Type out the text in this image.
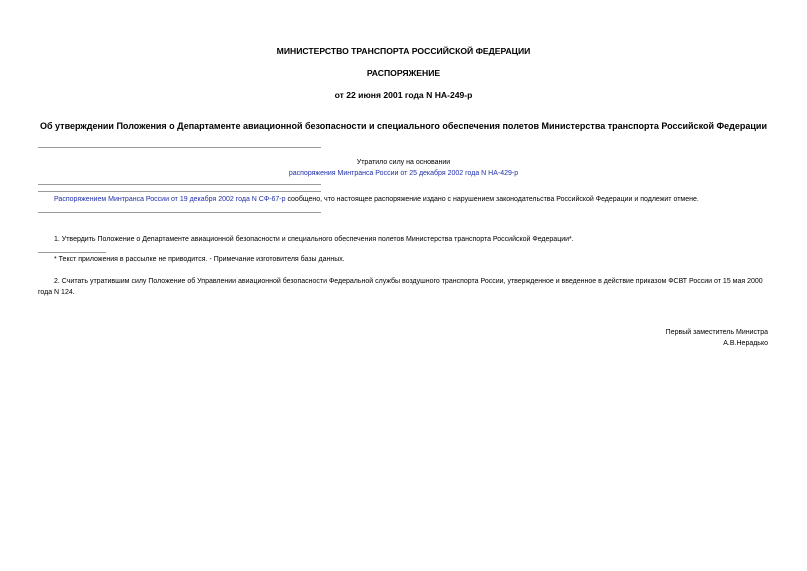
МИНИСТЕРСТВО ТРАНСПОРТА РОССИЙСКОЙ ФЕДЕРАЦИИ
РАСПОРЯЖЕНИЕ
от 22 июня 2001 года N НА-249-р
Об утверждении Положения о Департаменте авиационной безопасности и специального обеспечения полетов Министерства транспорта Российской Федерации
Утратило силу на основании
распоряжения Минтранса России от 25 декабря 2002 года N НА-429-р
Распоряжением Минтранса России от 19 декабря 2002 года N СФ-67-р сообщено, что настоящее распоряжение издано с нарушением законодательства Российской Федерации и подлежит отмене.
1. Утвердить Положение о Департаменте авиационной безопасности и специального обеспечения полетов Министерства транспорта Российской Федерации*.
* Текст приложения в рассылке не приводится. - Примечание изготовителя базы данных.
2. Считать утратившим силу Положение об Управлении авиационной безопасности Федеральной службы воздушного транспорта России, утвержденное и введенное в действие приказом ФСВТ России от 15 мая 2000 года N 124.
Первый заместитель Министра
А.В.Нерадько
